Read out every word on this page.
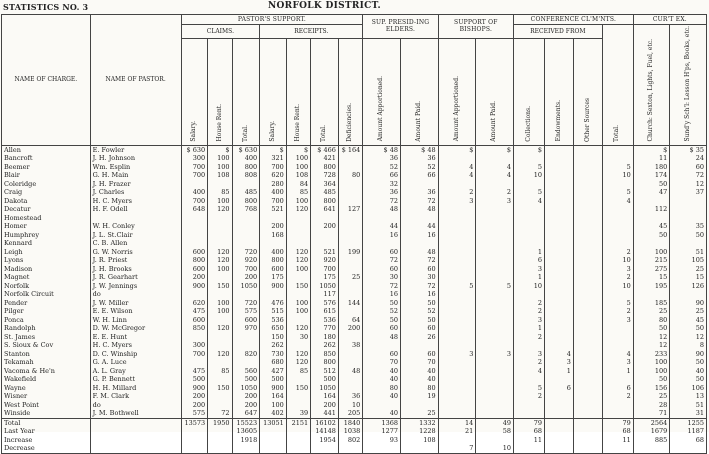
STATISTICS NO. 3	NORFOLK DISTRICT.
NAME OF CHARGE.	NAME OF PASTOR.	PASTOR'S SUPPORT.							SUP. PRESID-ING ELDERS.		SUPPORT OF BISHOPS.		CONFERENCE CL'M'NTS.				CUR'T EX.	
		CLAIMS.			RECEIPTS.								RECEIVED FROM			Total.	Church: Sexton, Lights, Fuel, etc.	Sund'y Sch'l: Lesson H'ps, Books, etc.
		Salary.	House Rent.	Total.	Salary.	House Rent.	Total.	Deficiencies.	Amount Apportioned.	Amount Paid.	Amount Apportioned.	Amount Paid.	Collections.	Endowments.	Other Sources			
Allen	E. Fowler	$ 630	$	$ 630	$	$	$ 466	$ 164	$ 48	$ 48	$	$	$				$	$ 35
Bancroft	J. H. Johnson	300	100	400	321	100	421		36	36							11	24
Beemer	Wm. Esplin	700	100	800	700	100	800		52	52	4	4	5			5	180	60
Blair	G. H. Main	700	108	808	620	108	728	80	66	66	4	4	10			10	174	72
Coleridge	J. H. Frazer				280	84	364		32								50	12
Craig	J. Charles	400	85	485	400	85	485		36	36	2	2	5			5	47	37
Dakota	H. C. Myers	700	100	800	700	100	800		72	72	3	3	4			4		
Decatur	H. F. Odell	648	120	768	521	120	641	127	48	48							112	
Homestead																		
Homer	W. H. Conley				200		200		44	44							45	35
Humphrey	J. L. St.Clair				168				16	16							50	50
Kennard	C. B. Allen																	
Leigh	G. W. Norris	600	120	720	400	120	521	199	60	48			1			2	100	51
Lyons	J. R. Priest	800	120	920	800	120	920		72	72			6			10	215	105
Madison	J. H. Brooks	600	100	700	600	100	700		60	60			3			3	275	25
Magnet	J. R. Gearhart	200		200	175		175	25	30	30			1			2	15	15
Norfolk	J. W. Jennings	900	150	1050	900	150	1050		72	72	5	5	10			10	195	126
Norfolk Circuit	do						117		16	16								
Pender	J. W. Miller	620	100	720	476	100	576	144	50	50			2			5	185	90
Pilger	E. E. Wilson	475	100	575	515	100	615		52	52			2			2	25	25
Ponca	W. H. Linn	600		600	536		536	64	50	50			3			3	80	45
Randolph	D. W. McGregor	850	120	970	650	120	770	200	60	60			1				50	50
St. James	E. E. Hunt				150	30	180		48	26			2				12	12
S. Sioux & Cov	H. C. Myers	300			262		262	38									12	8
Stanton	D. C. Winship	700	120	820	730	120	850		60	60	3	3	3	4		4	233	90
Tekamah	G. A. Luce				680	120	800		70	70			2	3		3	100	50
Vacoma & He'n	A. L. Gray	475	85	560	427	85	512	48	40	40			4	1		1	100	40
Wakefield	G. P. Bennett	500		500	500		500		40	40							50	50
Wayne	H. H. Millard	900	150	1050	900	150	1050		80	80			5	6		6	156	106
Wisner	F. M. Clark	200		200	164		164	36	40	19			2			2	25	13
West Point	do	200		200	100		200	10									28	51
Winside	J. M. Bothwell	575	72	647	402	39	441	205	40	25							71	31
Total		13573	1950	15523	13051	2151	16102	1840	1368	1332	14	49	79			79	2564	1255
Last Year				13605			14148	1038	1277	1228	21	58	68			68	1679	1187
Increase				1918			1954	802	93	108			11			11	885	68
Decrease											7	10						
